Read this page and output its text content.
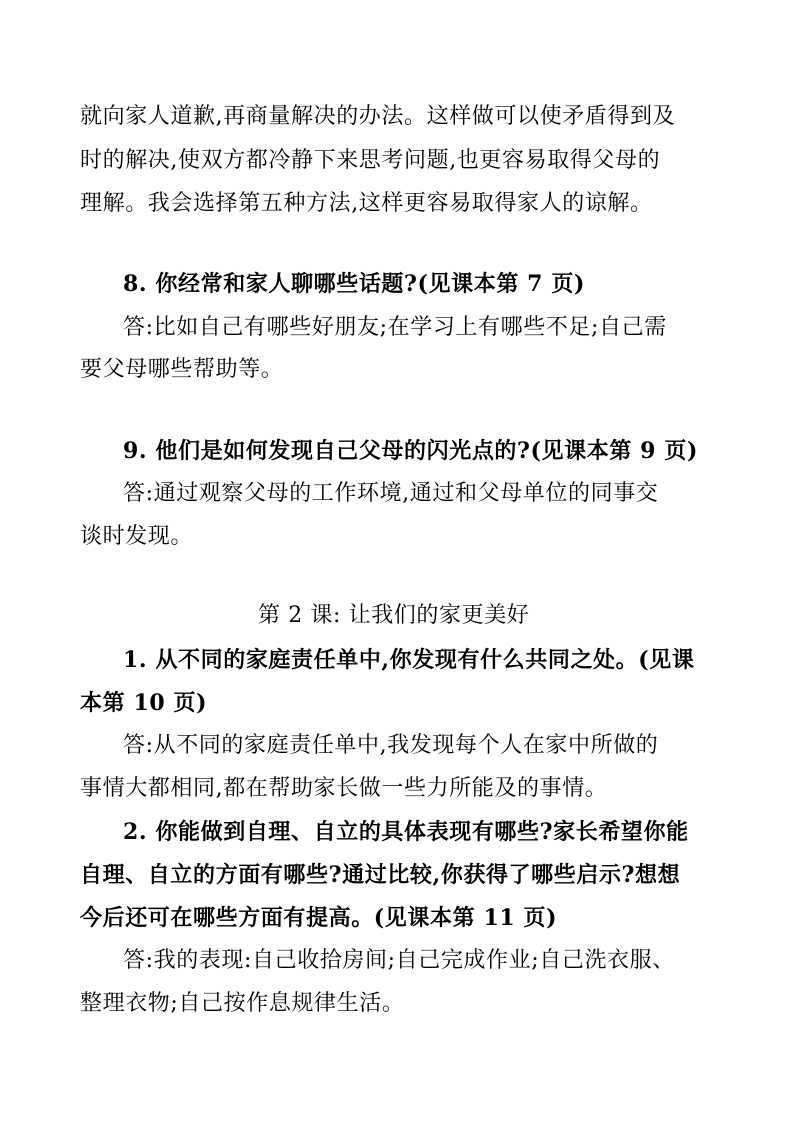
就向家人道歉,再商量解决的办法。这样做可以使矛盾得到及
时的解决,使双方都冷静下来思考问题,也更容易取得父母的
理解。我会选择第五种方法,这样更容易取得家人的谅解。
8. 你经常和家人聊哪些话题?(见课本第 7 页)
答:比如自己有哪些好朋友;在学习上有哪些不足;自己需
要父母哪些帮助等。
9. 他们是如何发现自己父母的闪光点的?(见课本第 9 页)
答:通过观察父母的工作环境,通过和父母单位的同事交
谈时发现。
第 2 课: 让我们的家更美好
1. 从不同的家庭责任单中,你发现有什么共同之处。(见课
本第 10 页)
答:从不同的家庭责任单中,我发现每个人在家中所做的
事情大都相同,都在帮助家长做一些力所能及的事情。
2. 你能做到自理、自立的具体表现有哪些?家长希望你能
自理、自立的方面有哪些?通过比较,你获得了哪些启示?想想
今后还可在哪些方面有提高。(见课本第 11 页)
答:我的表现:自己收拾房间;自己完成作业;自己洗衣服、
整理衣物;自己按作息规律生活。
